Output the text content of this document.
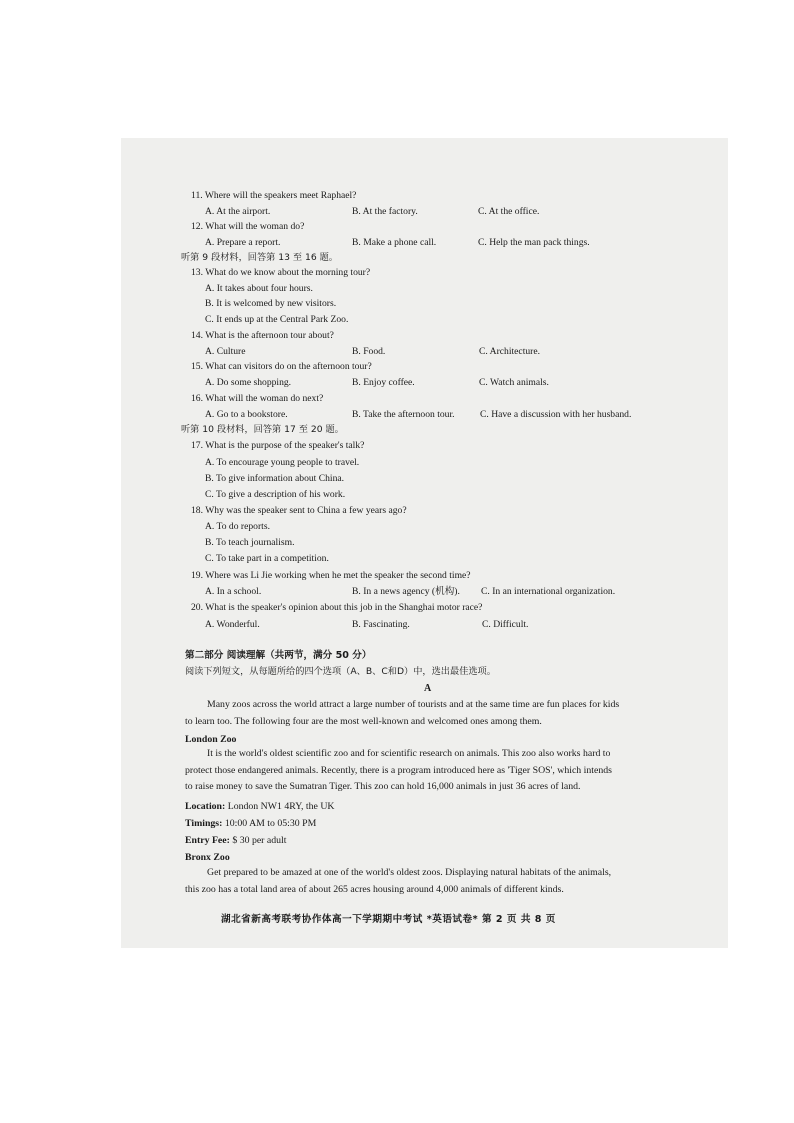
11. Where will the speakers meet Raphael?
A. At the airport.	B. At the factory.	C. At the office.
12. What will the woman do?
A. Prepare a report.	B. Make a phone call.	C. Help the man pack things.
听第 9 段材料，回答第 13 至 16 题。
13. What do we know about the morning tour?
A. It takes about four hours.
B. It is welcomed by new visitors.
C. It ends up at the Central Park Zoo.
14. What is the afternoon tour about?
A. Culture	B. Food.	C. Architecture.
15. What can visitors do on the afternoon tour?
A. Do some shopping.	B. Enjoy coffee.	C. Watch animals.
16. What will the woman do next?
A. Go to a bookstore.	B. Take the afternoon tour.	C. Have a discussion with her husband.
听第 10 段材料，回答第 17 至 20 题。
17. What is the purpose of the speaker's talk?
A. To encourage young people to travel.
B. To give information about China.
C. To give a description of his work.
18. Why was the speaker sent to China a few years ago?
A. To do reports.
B. To teach journalism.
C. To take part in a competition.
19. Where was Li Jie working when he met the speaker the second time?
A. In a school.	B. In a news agency (机构). C. In an international organization.
20. What is the speaker's opinion about this job in the Shanghai motor race?
A. Wonderful.	B. Fascinating.	C. Difficult.
第二部分 阅读理解（共两节，满分 50 分）
阅读下列短文，从每题所给的四个选项（A、B、C和D）中，选出最佳选项。
A
Many zoos across the world attract a large number of tourists and at the same time are fun places for kids
to learn too. The following four are the most well-known and welcomed ones among them.
London Zoo
It is the world's oldest scientific zoo and for scientific research on animals. This zoo also works hard to
protect those endangered animals. Recently, there is a program introduced here as 'Tiger SOS', which intends
to raise money to save the Sumatran Tiger. This zoo can hold 16,000 animals in just 36 acres of land.
Location: London NW1 4RY, the UK
Timings: 10:00 AM to 05:30 PM
Entry Fee: $ 30 per adult
Bronx Zoo
Get prepared to be amazed at one of the world's oldest zoos. Displaying natural habitats of the animals,
this zoo has a total land area of about 265 acres housing around 4,000 animals of different kinds.
湖北省新高考联考协作体高一下学期期中考试 *英语试卷* 第 2 页 共 8 页
